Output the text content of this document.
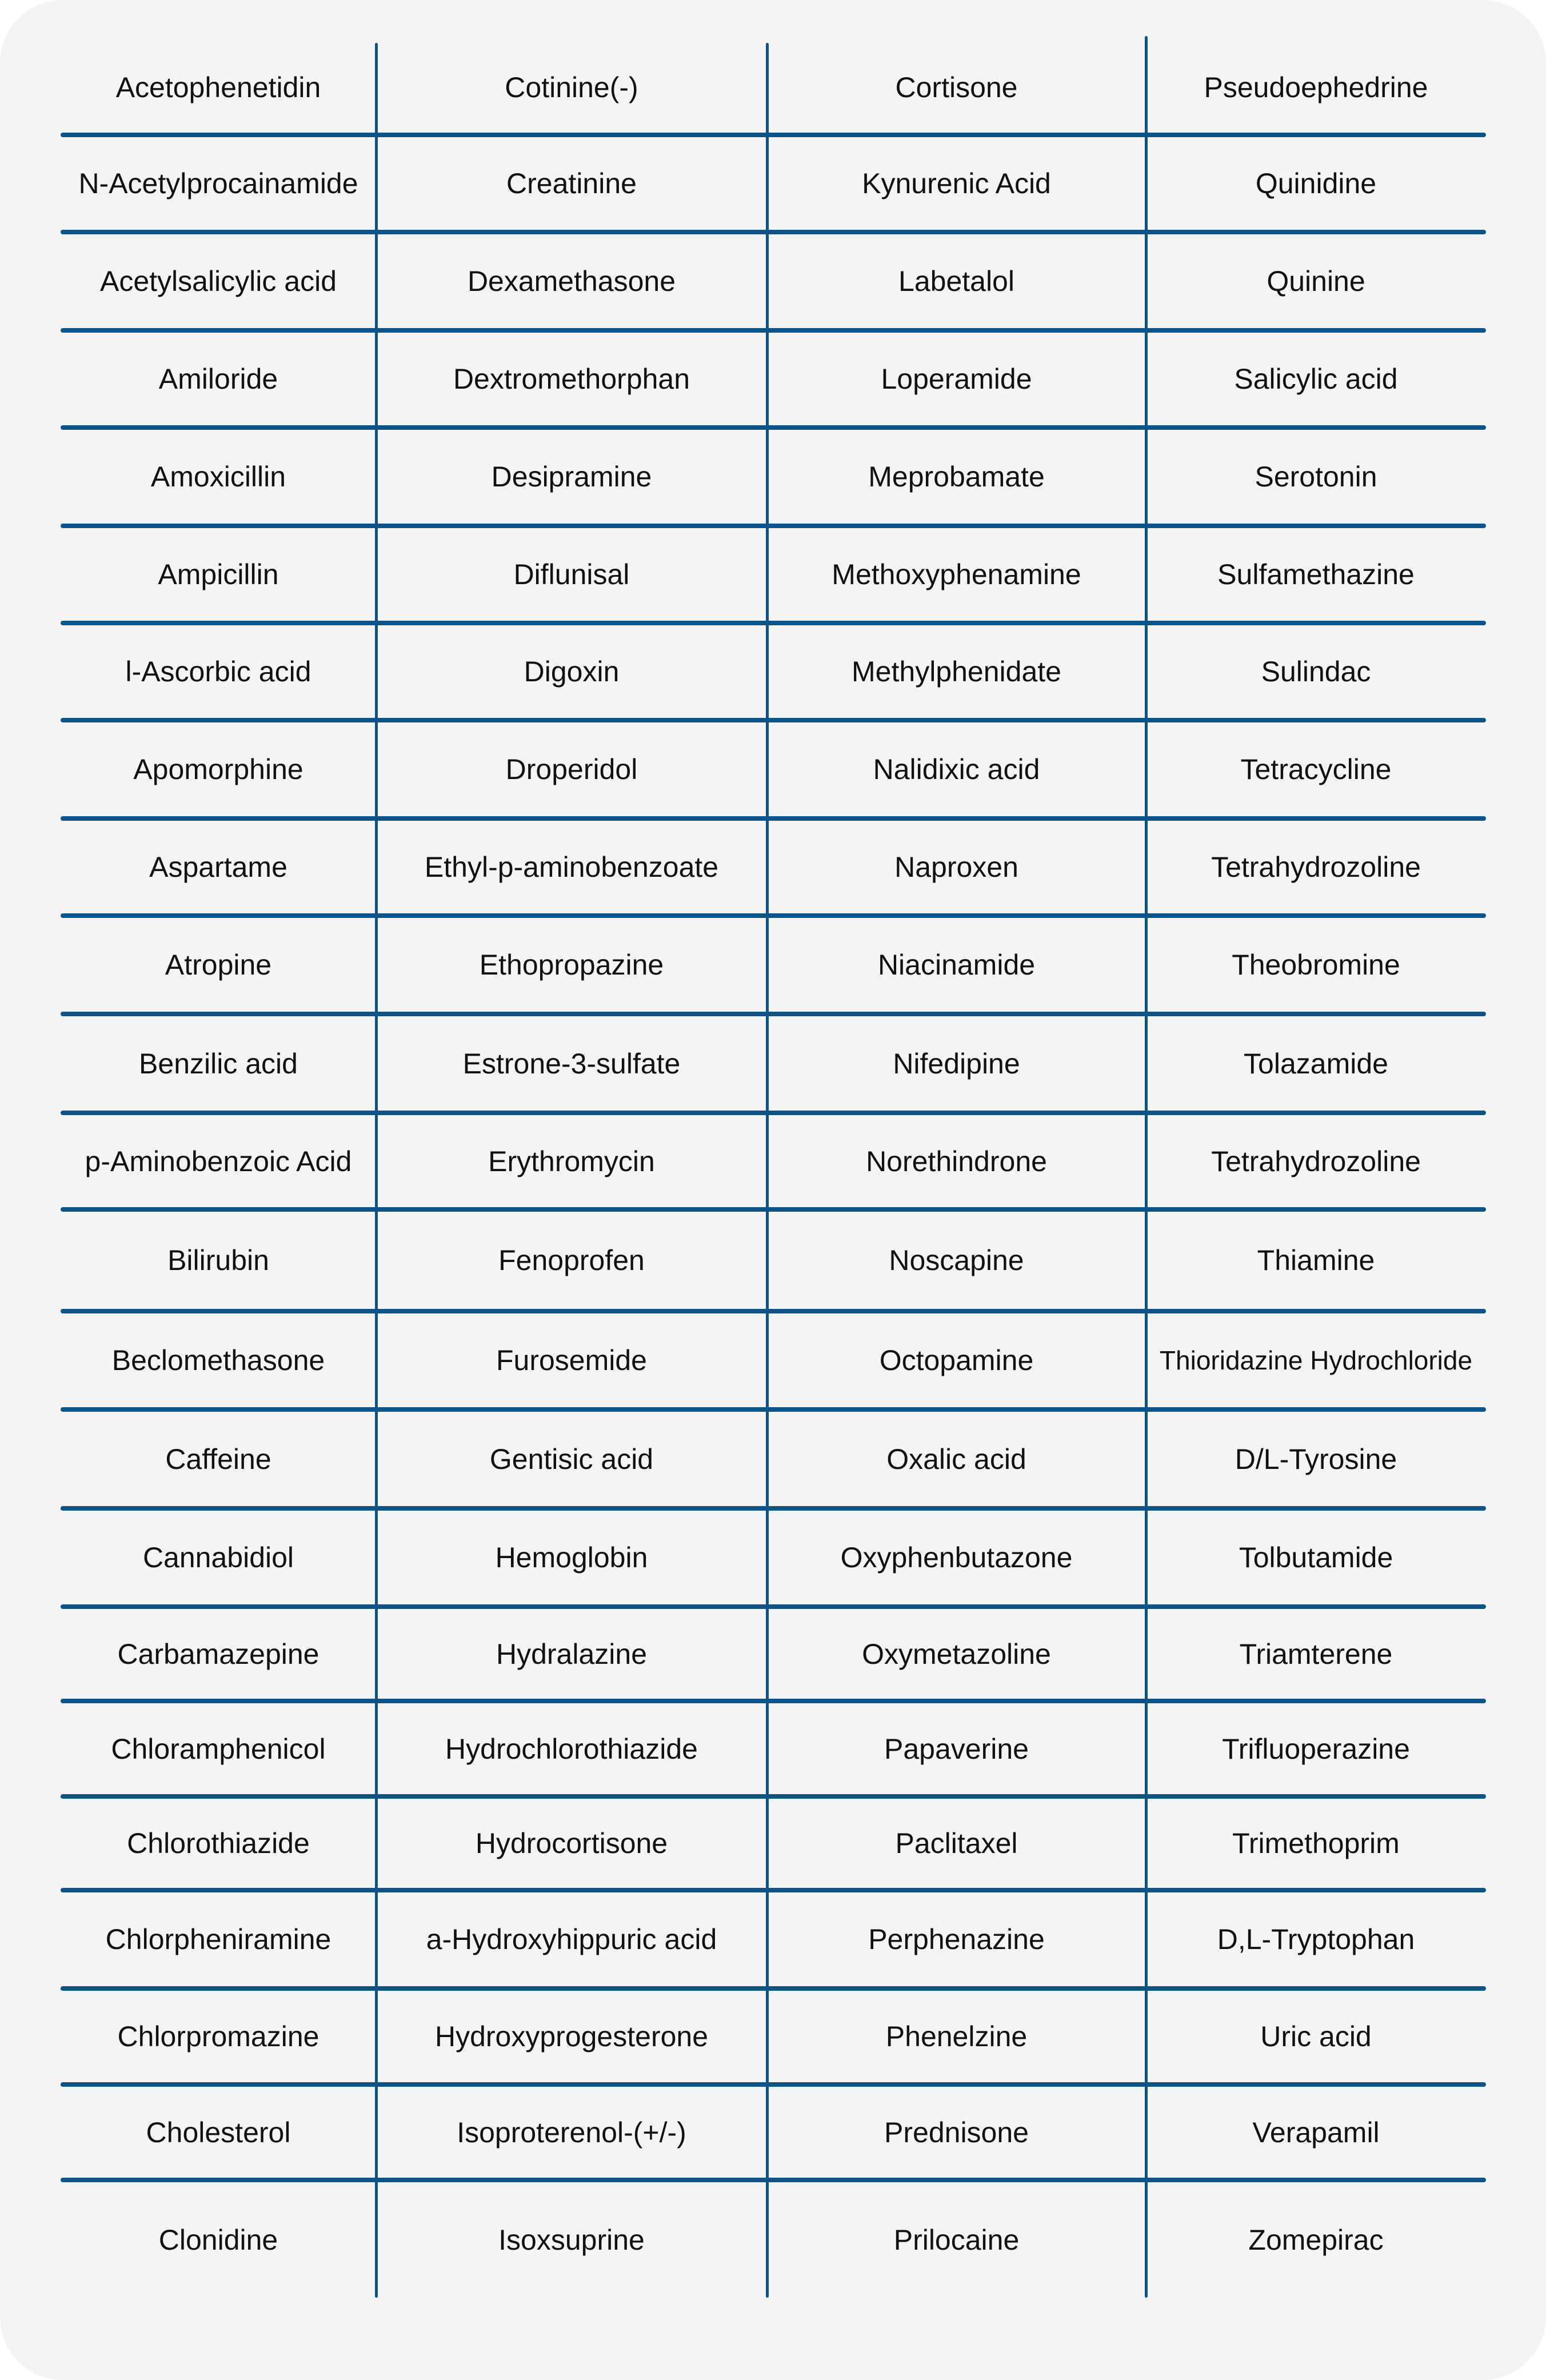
Acetophenetidin	Cotinine(-)	Cortisone	Pseudoephedrine
N-Acetylprocainamide	Creatinine	Kynurenic Acid	Quinidine
Acetylsalicylic acid	Dexamethasone	Labetalol	Quinine
Amiloride	Dextromethorphan	Loperamide	Salicylic acid
Amoxicillin	Desipramine	Meprobamate	Serotonin
Ampicillin	Diflunisal	Methoxyphenamine	Sulfamethazine
l-Ascorbic acid	Digoxin	Methylphenidate	Sulindac
Apomorphine	Droperidol	Nalidixic acid	Tetracycline
Aspartame	Ethyl-p-aminobenzoate	Naproxen	Tetrahydrozoline
Atropine	Ethopropazine	Niacinamide	Theobromine
Benzilic acid	Estrone-3-sulfate	Nifedipine	Tolazamide
p-Aminobenzoic Acid	Erythromycin	Norethindrone	Tetrahydrozoline
Bilirubin	Fenoprofen	Noscapine	Thiamine
Beclomethasone	Furosemide	Octopamine	Thioridazine Hydrochloride
Caffeine	Gentisic acid	Oxalic acid	D/L-Tyrosine
Cannabidiol	Hemoglobin	Oxyphenbutazone	Tolbutamide
Carbamazepine	Hydralazine	Oxymetazoline	Triamterene
Chloramphenicol	Hydrochlorothiazide	Papaverine	Trifluoperazine
Chlorothiazide	Hydrocortisone	Paclitaxel	Trimethoprim
Chlorpheniramine	a-Hydroxyhippuric acid	Perphenazine	D,L-Tryptophan
Chlorpromazine	Hydroxyprogesterone	Phenelzine	Uric acid
Cholesterol	Isoproterenol-(+/-)	Prednisone	Verapamil
Clonidine	Isoxsuprine	Prilocaine	Zomepirac
